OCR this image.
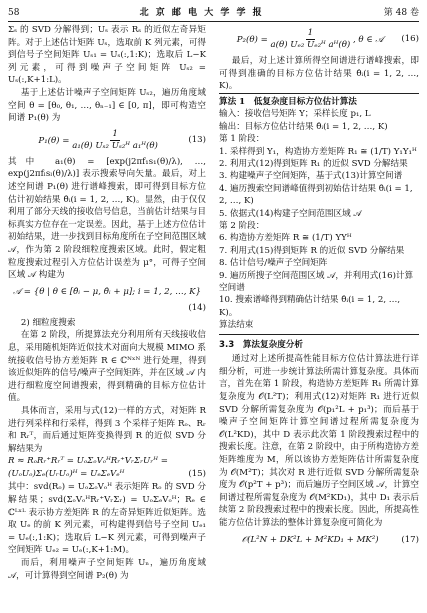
58	北 京 邮 电 大 学 学 报	第 48 卷

Σₛ 的 SVD 分解得到；Uₛ 表示 Rₛ 的近似左奇异矩阵。对于上述估计矩阵 Uₛ，选取前 K 列元素，可得到信号子空间矩阵 Uₛ₁ = Uₛ(:,1:K)；选取后 L−K 列元素，可得到噪声子空间矩阵 Uₛ₂ = Uₛ(:,K+1:L)。

基于上述估计噪声子空间矩阵 Uₛ₂，遍历角度域空间 θ = [θ₀, θ₁, …, θₙ₋₁] ∈ [0, π]，即可构造空间谱 P₁(θ) 为

$P_1(\theta) = \frac{1}{\text{a₁(θ) Uₛ₂ Uₛ₂ᴴ a₁ᴴ(θ)}}$	(13)

其中 a₁(θ) = [exp(j2πf₁s₁(θ)/λ), …, exp(j2πfₗsₗ(θ)/λ)] 表示搜索导向矢量。最后，对上述空间谱 P₁(θ) 进行谱峰搜索，即可得到目标方位估计初始结果 θ̂ᵢ(i = 1, 2, …, K)。显然，由于仅仅利用了部分天线的接收信号信息，当前估计结果与目标真实方位存在一定误差。因此，基于上述方位估计初始结果，进一步找到目标角度所在子空间范围区域 𝒜，作为第 2 阶段细粒度搜索区域。此时，假定粗粒度搜索过程引入方位估计误差为 μ°，可得子空间区域 𝒜 构建为

𝒜 = {θ | θ ∈ [θ̂ᵢ − μ, θ̂ᵢ + μ]; i = 1, 2, …, K}
(14)

2) 细粒度搜索

在第 2 阶段，所提算法充分利用所有天线接收信息，采用随机矩阵近似技术对面向大规模 MIMO 系统接收信号协方差矩阵 R ∈ ℂᴺˣᴺ 进行处理，得到该近似矩阵的信号/噪声子空间矩阵，并在区域 𝒜 内进行细粒度空间谱搜索，得到精确的目标方位估计值。

具体而言，采用与式(12)一样的方式，对矩阵 R 进行列采样和行采样，得到 3 个采样子矩阵 Rₒ、Rᵣ 和 Rᵣᵀ，而后通过矩阵变换得到 R 的近似 SVD 分解结果为

R ≈ RₒRᵣ⁺Rᵣᵀ = UₒΣₒVₒᴴRᵣ⁺VᵣΣᵣUᵣᴴ =
(UₒUₒ)Σₑ(UᵣUₒ)ᴴ = UₑΣₑVₑᴴ	(15)

其中：svd(Rₒ) = UₒΣₒVₒᴴ 表示矩阵 Rₒ 的 SVD 分解结果；svd(ΣₒVₒᴴRᵣ⁺VᵣΣᵣ) = UₒΣₑVₒᴴ；Rₑ ∈ ℂᴸˣᴸ 表示协方差矩阵 R 的左奇异矩阵近似矩阵。选取 Uₑ 的前 K 列元素，可构建得到信号子空间 Uₑ₁ = Uₑ(:,1:K)；选取后 L−K 列元素，可得到噪声子空间矩阵 Uₑ₂ = Uₑ(:,K+1:M)。

而后，利用噪声子空间矩阵 Uₙ，遍历角度域 𝒜，可计算得到空间谱 P₂(θ) 为

$P_2(\theta) = \frac{1}{\text{a(θ) Uₑ₂ Uₑ₂ᴴ aᴴ(θ)}}$ , θ ∈ 𝒜	(16)

最后，对上述计算所得空间谱进行谱峰搜索，即可得到准确的目标方位估计结果 θ̂ᵢ(i = 1, 2, …, K)。

算法 1　低复杂度目标方位估计算法
输入：接收信号矩阵 Y；采样长度 p₁, L
输出：目标方位估计结果 θ̂ᵢ(i = 1, 2, …, K)
第 1 阶段：
1. 采样得到 Y₁，构造协方差矩阵 R₁ ≅ (1/T) Y₁Y₁ᴴ
2. 利用式(12)得到矩阵 R₁ 的近似 SVD 分解结果
3. 构建噪声子空间矩阵，基于式(13)计算空间谱
4. 遍历搜索空间谱峰值得到初始估计结果 θ̂ᵢ(i = 1, 2, …, K)
5. 依据式(14)构建子空间范围区域 𝒜
第 2 阶段：
6. 构造协方差矩阵 R ≅ (1/T) YYᴴ
7. 利用式(15)得到矩阵 R 的近似 SVD 分解结果
8. 估计信号/噪声子空间矩阵
9. 遍历所搜子空间范围区域 𝒜，并利用式(16)计算空间谱
10. 搜索谱峰得到精确估计结果 θ̂ᵢ(i = 1, 2, …, K)。
算法结束
3.3　算法复杂度分析

通过对上述所提高性能目标方位估计算法进行详细分析，可进一步统计算法所需计算复杂度。具体而言，首先在第 1 阶段，构造协方差矩阵 R₁ 所需计算复杂度为 𝒪(L²T)；利用式(12)对矩阵 R₁ 进行近似 SVD 分解所需复杂度为 𝒪(p₁²L + p₁³)；而后基于噪声子空间矩阵计算空间谱过程所需复杂度为 𝒪(L²KD)，其中 D 表示此次第 1 阶段搜索过程中的搜索长度。注意，在第 2 阶段中，由于所构造协方差矩阵维度为 M，所以该协方差矩阵估计所需复杂度为 𝒪(M²T)；其次对 R 进行近似 SVD 分解所需复杂度为 𝒪(p²T + p³)；而后遍历子空间区域 𝒜，计算空间谱过程所需复杂度为 𝒪(M²KD₁)，其中 D₁ 表示后续第 2 阶段搜索过程中的搜索长度。因此，所提高性能方位估计算法的整体计算复杂度可简化为

𝒪(L²N + DK²L + M²KD₁ + MK²)	(17)
